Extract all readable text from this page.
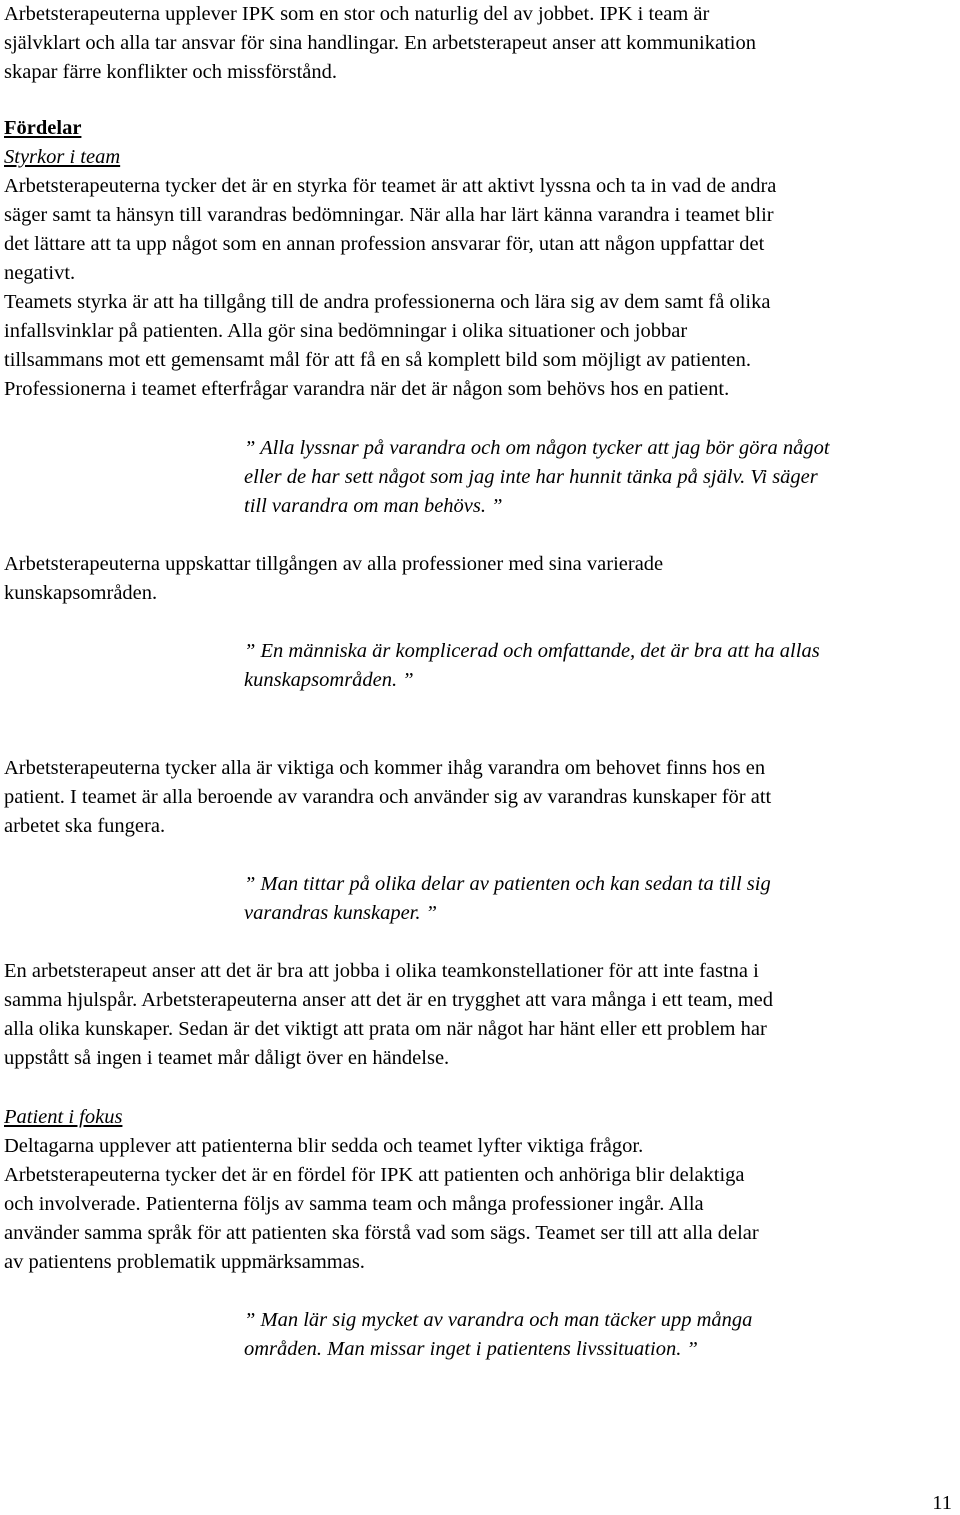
Arbetsterapeuterna upplever IPK som en stor och naturlig del av jobbet. IPK i team är
självklart och alla tar ansvar för sina handlingar. En arbetsterapeut anser att kommunikation
skapar färre konflikter och missförstånd.
Fördelar
Styrkor i team
Arbetsterapeuterna tycker det är en styrka för teamet är att aktivt lyssna och ta in vad de andra
säger samt ta hänsyn till varandras bedömningar. När alla har lärt känna varandra i teamet blir
det lättare att ta upp något som en annan profession ansvarar för, utan att någon uppfattar det
negativt.
Teamets styrka är att ha tillgång till de andra professionerna och lära sig av dem samt få olika
infallsvinklar på patienten. Alla gör sina bedömningar i olika situationer och jobbar
tillsammans mot ett gemensamt mål för att få en så komplett bild som möjligt av patienten.
Professionerna i teamet efterfrågar varandra när det är någon som behövs hos en patient.
” Alla lyssnar på varandra och om någon tycker att jag bör göra något
eller de har sett något som jag inte har hunnit tänka på själv. Vi säger
till varandra om man behövs. ”
Arbetsterapeuterna uppskattar tillgången av alla professioner med sina varierade
kunskapsområden.
” En människa är komplicerad och omfattande, det är bra att ha allas
kunskapsområden. ”
Arbetsterapeuterna tycker alla är viktiga och kommer ihåg varandra om behovet finns hos en
patient. I teamet är alla beroende av varandra och använder sig av varandras kunskaper för att
arbetet ska fungera.
” Man tittar på olika delar av patienten och kan sedan ta till sig
varandras kunskaper. ”
En arbetsterapeut anser att det är bra att jobba i olika teamkonstellationer för att inte fastna i
samma hjulspår. Arbetsterapeuterna anser att det är en trygghet att vara många i ett team, med
alla olika kunskaper. Sedan är det viktigt att prata om när något har hänt eller ett problem har
uppstått så ingen i teamet mår dåligt över en händelse.
Patient i fokus
Deltagarna upplever att patienterna blir sedda och teamet lyfter viktiga frågor.
Arbetsterapeuterna tycker det är en fördel för IPK att patienten och anhöriga blir delaktiga
och involverade. Patienterna följs av samma team och många professioner ingår. Alla
använder samma språk för att patienten ska förstå vad som sägs. Teamet ser till att alla delar
av patientens problematik uppmärksammas.
” Man lär sig mycket av varandra och man täcker upp många
områden. Man missar inget i patientens livssituation. ”
11
